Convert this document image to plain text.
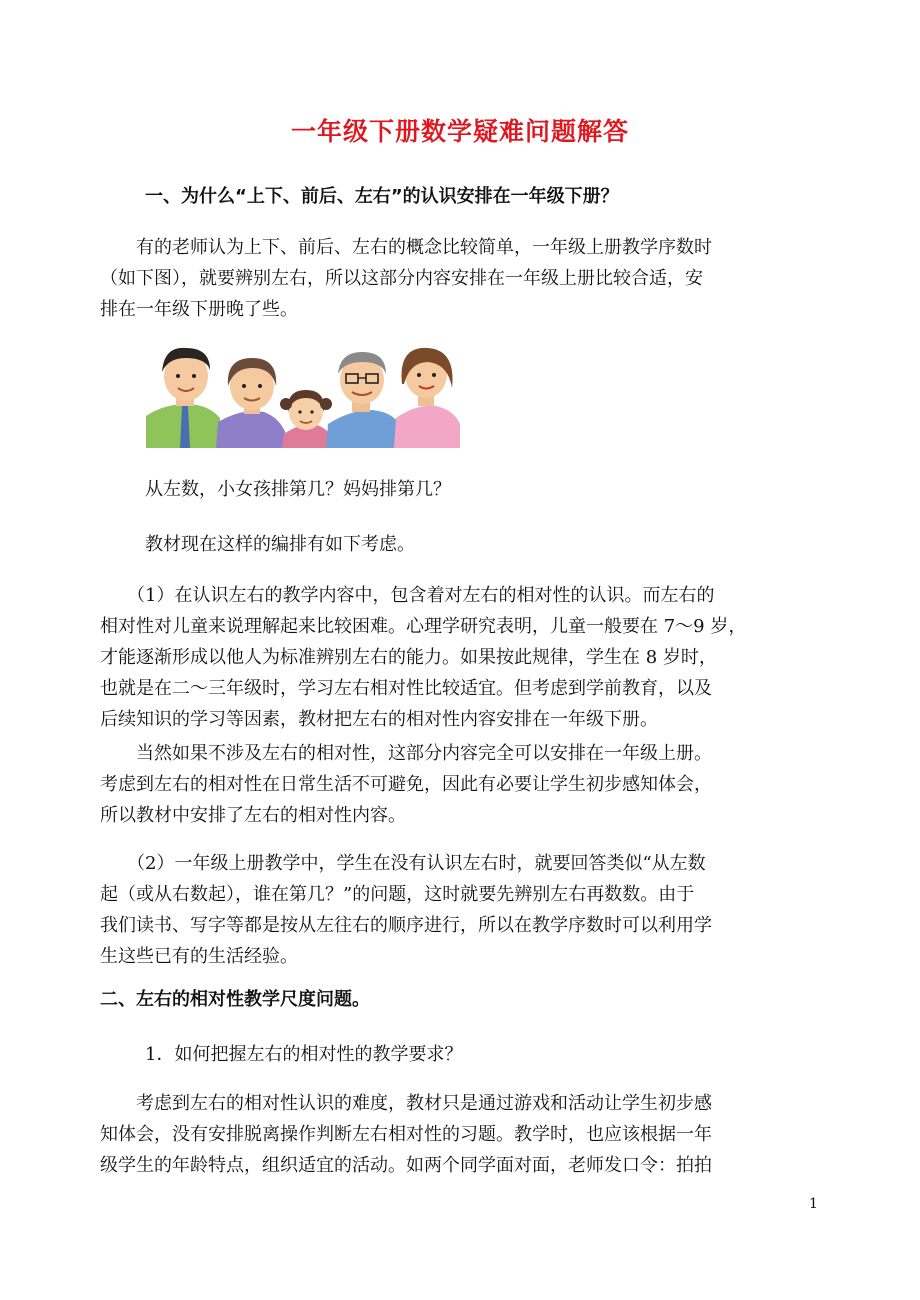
一年级下册数学疑难问题解答
一、为什么“上下、前后、左右”的认识安排在一年级下册？
　　有的老师认为上下、前后、左右的概念比较简单，一年级上册教学序数时
（如下图），就要辨别左右，所以这部分内容安排在一年级上册比较合适，安
排在一年级下册晚了些。
从左数，小女孩排第几？妈妈排第几？
教材现在这样的编排有如下考虑。
　　（1）在认识左右的教学内容中，包含着对左右的相对性的认识。而左右的
相对性对儿童来说理解起来比较困难。心理学研究表明，儿童一般要在 7～9 岁，
才能逐渐形成以他人为标准辨别左右的能力。如果按此规律，学生在 8 岁时，
也就是在二～三年级时，学习左右相对性比较适宜。但考虑到学前教育，以及
后续知识的学习等因素，教材把左右的相对性内容安排在一年级下册。
　　当然如果不涉及左右的相对性，这部分内容完全可以安排在一年级上册。
考虑到左右的相对性在日常生活不可避免，因此有必要让学生初步感知体会，
所以教材中安排了左右的相对性内容。
　　（2）一年级上册教学中，学生在没有认识左右时，就要回答类似“从左数
起（或从右数起），谁在第几？”的问题，这时就要先辨别左右再数数。由于
我们读书、写字等都是按从左往右的顺序进行，所以在教学序数时可以利用学
生这些已有的生活经验。
二、左右的相对性教学尺度问题。
1．如何把握左右的相对性的教学要求？
　　考虑到左右的相对性认识的难度，教材只是通过游戏和活动让学生初步感
知体会，没有安排脱离操作判断左右相对性的习题。教学时，也应该根据一年
级学生的年龄特点，组织适宜的活动。如两个同学面对面，老师发口令：拍拍
1
